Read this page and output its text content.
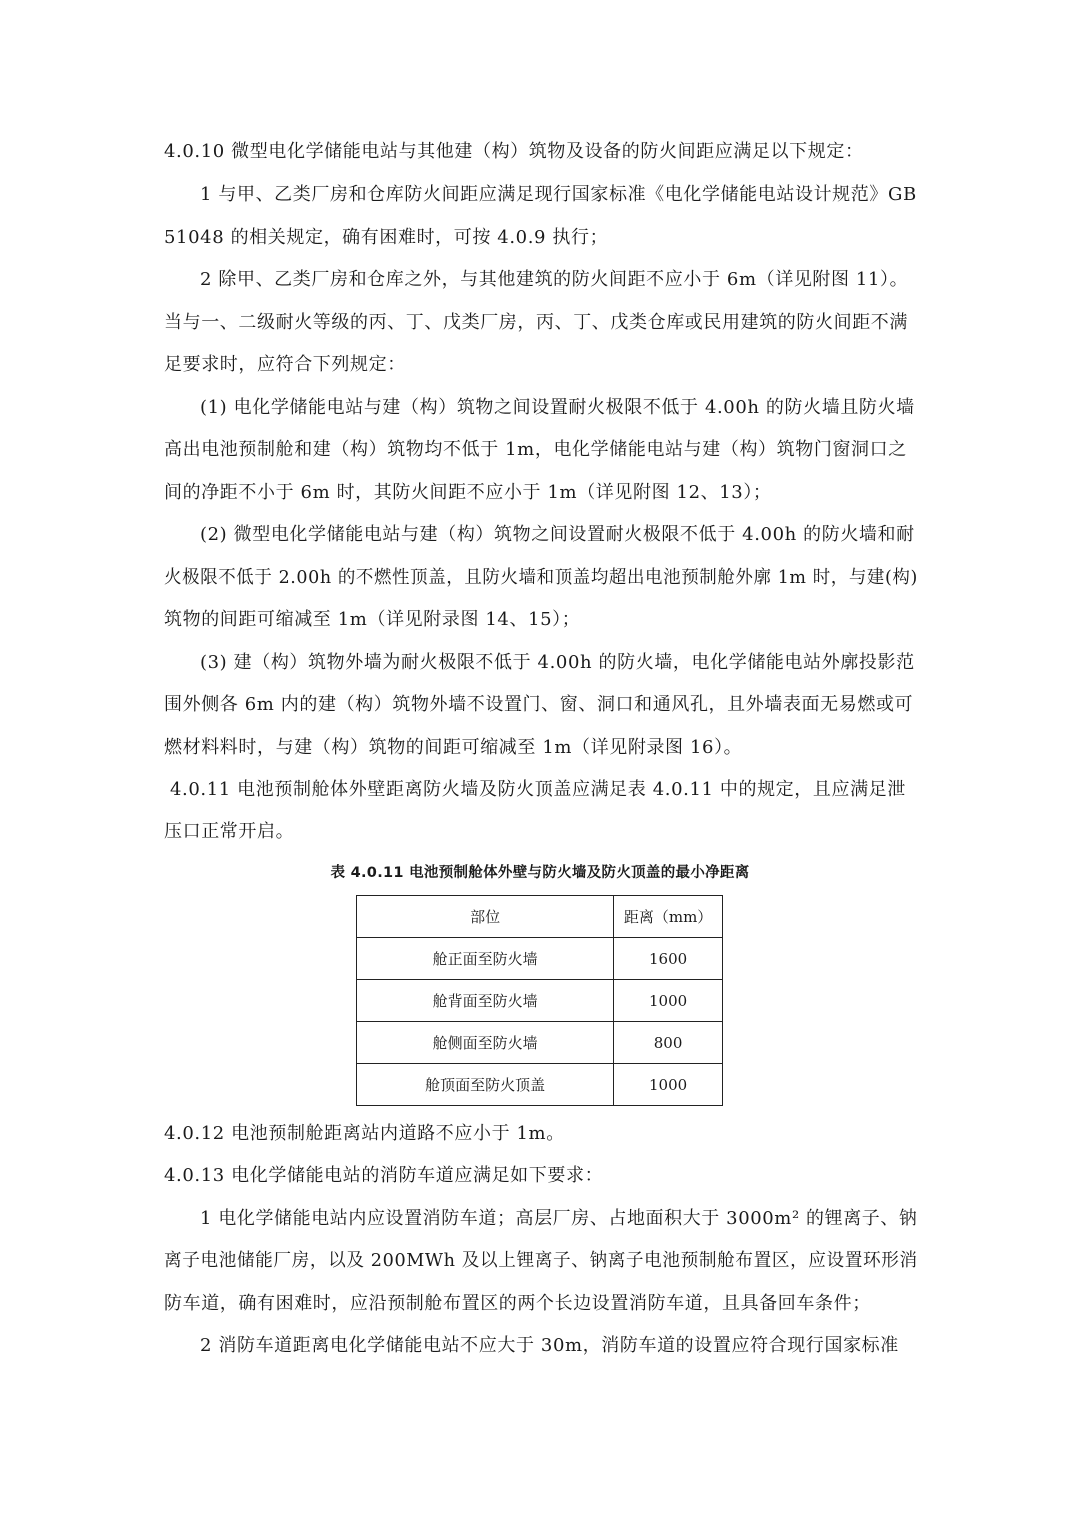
4.0.10 微型电化学储能电站与其他建（构）筑物及设备的防火间距应满足以下规定：
1 与甲、乙类厂房和仓库防火间距应满足现行国家标准《电化学储能电站设计规范》GB
51048 的相关规定，确有困难时，可按 4.0.9 执行；
2 除甲、乙类厂房和仓库之外，与其他建筑的防火间距不应小于 6m（详见附图 11）。
当与一、二级耐火等级的丙、丁、戊类厂房，丙、丁、戊类仓库或民用建筑的防火间距不满
足要求时，应符合下列规定：
(1) 电化学储能电站与建（构）筑物之间设置耐火极限不低于 4.00h 的防火墙且防火墙
高出电池预制舱和建（构）筑物均不低于 1m，电化学储能电站与建（构）筑物门窗洞口之
间的净距不小于 6m 时，其防火间距不应小于 1m（详见附图 12、13）；
(2) 微型电化学储能电站与建（构）筑物之间设置耐火极限不低于 4.00h 的防火墙和耐
火极限不低于 2.00h 的不燃性顶盖，且防火墙和顶盖均超出电池预制舱外廓 1m 时，与建(构)
筑物的间距可缩减至 1m（详见附录图 14、15）；
(3) 建（构）筑物外墙为耐火极限不低于 4.00h 的防火墙，电化学储能电站外廓投影范
围外侧各 6m 内的建（构）筑物外墙不设置门、窗、洞口和通风孔，且外墙表面无易燃或可
燃材料料时，与建（构）筑物的间距可缩减至 1m（详见附录图 16）。
4.0.11 电池预制舱体外壁距离防火墙及防火顶盖应满足表 4.0.11 中的规定，且应满足泄
压口正常开启。
表 4.0.11 电池预制舱体外壁与防火墙及防火顶盖的最小净距离
部位	距离（mm）
舱正面至防火墙	1600
舱背面至防火墙	1000
舱侧面至防火墙	800
舱顶面至防火顶盖	1000
4.0.12 电池预制舱距离站内道路不应小于 1m。
4.0.13 电化学储能电站的消防车道应满足如下要求：
1 电化学储能电站内应设置消防车道；高层厂房、占地面积大于 3000m² 的锂离子、钠
离子电池储能厂房，以及 200MWh 及以上锂离子、钠离子电池预制舱布置区，应设置环形消
防车道，确有困难时，应沿预制舱布置区的两个长边设置消防车道，且具备回车条件；
2 消防车道距离电化学储能电站不应大于 30m，消防车道的设置应符合现行国家标准
